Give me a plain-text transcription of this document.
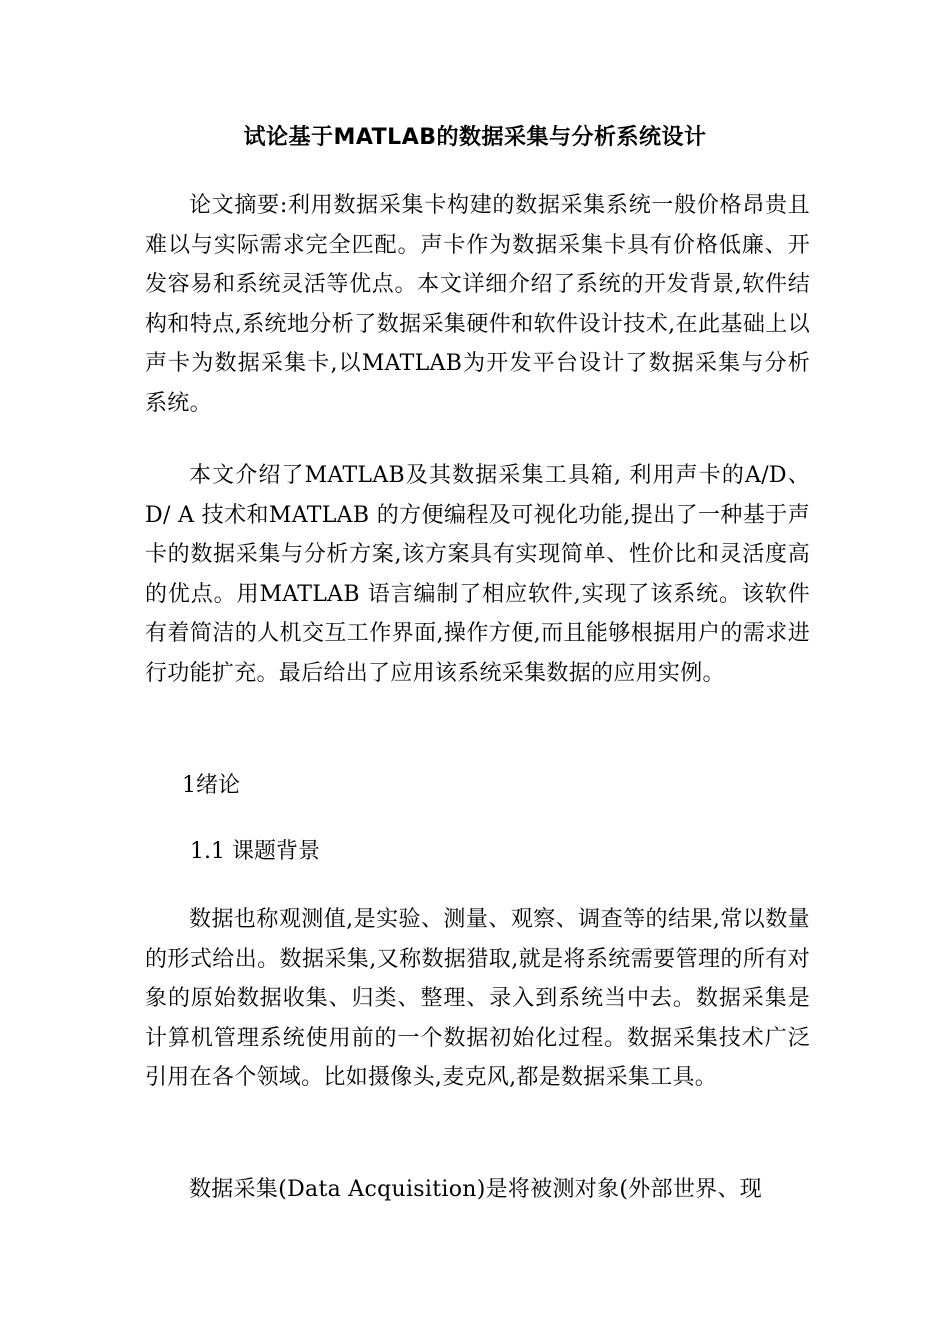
试论基于MATLAB的数据采集与分析系统设计

论文摘要:利用数据采集卡构建的数据采集系统一般价格昂贵且难以与实际需求完全匹配。声卡作为数据采集卡具有价格低廉、开发容易和系统灵活等优点。本文详细介绍了系统的开发背景,软件结构和特点,系统地分析了数据采集硬件和软件设计技术,在此基础上以声卡为数据采集卡,以MATLAB为开发平台设计了数据采集与分析系统。

本文介绍了MATLAB及其数据采集工具箱, 利用声卡的A/D、D/ A 技术和MATLAB 的方便编程及可视化功能,提出了一种基于声卡的数据采集与分析方案,该方案具有实现简单、性价比和灵活度高的优点。用MATLAB 语言编制了相应软件,实现了该系统。该软件有着简洁的人机交互工作界面,操作方便,而且能够根据用户的需求进行功能扩充。最后给出了应用该系统采集数据的应用实例。

1绪论
1.1 课题背景

数据也称观测值,是实验、测量、观察、调查等的结果,常以数量的形式给出。数据采集,又称数据猎取,就是将系统需要管理的所有对象的原始数据收集、归类、整理、录入到系统当中去。数据采集是计算机管理系统使用前的一个数据初始化过程。数据采集技术广泛引用在各个领域。比如摄像头,麦克风,都是数据采集工具。

数据采集(Data Acquisition)是将被测对象(外部世界、现
